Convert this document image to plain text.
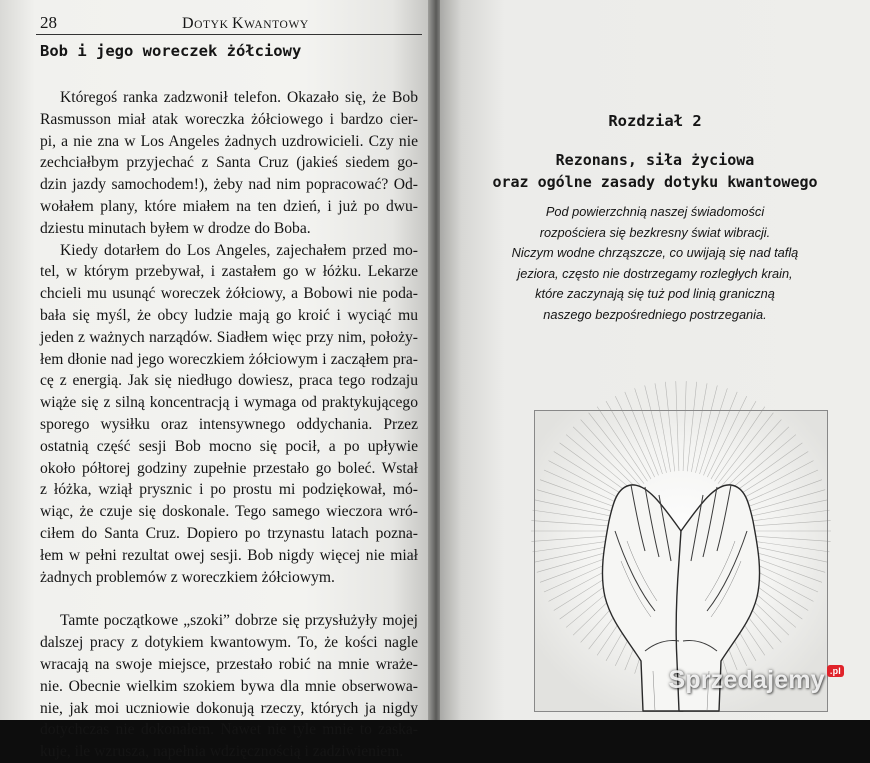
28	DOTYK KWANTOWY
Bob i jego woreczek żółciowy
Któregoś ranka zadzwonił telefon. Okazało się, że Bob
Rasmusson miał atak woreczka żółciowego i bardzo cier-
pi, a nie zna w Los Angeles żadnych uzdrowicieli. Czy nie
zechciałbym przyjechać z Santa Cruz (jakieś siedem go-
dzin jazdy samochodem!), żeby nad nim popracować? Od-
wołałem plany, które miałem na ten dzień, i już po dwu-
dziestu minutach byłem w drodze do Boba.
Kiedy dotarłem do Los Angeles, zajechałem przed mo-
tel, w którym przebywał, i zastałem go w łóżku. Lekarze
chcieli mu usunąć woreczek żółciowy, a Bobowi nie poda-
bała się myśl, że obcy ludzie mają go kroić i wyciąć mu
jeden z ważnych narządów. Siadłem więc przy nim, położy-
łem dłonie nad jego woreczkiem żółciowym i zacząłem pra-
cę z energią. Jak się niedługo dowiesz, praca tego rodzaju
wiąże się z silną koncentracją i wymaga od praktykującego
sporego wysiłku oraz intensywnego oddychania. Przez
ostatnią część sesji Bob mocno się pocił, a po upływie
około półtorej godziny zupełnie przestało go boleć. Wstał
z łóżka, wziął prysznic i po prostu mi podziękował, mó-
wiąc, że czuje się doskonale. Tego samego wieczora wró-
ciłem do Santa Cruz. Dopiero po trzynastu latach pozna-
łem w pełni rezultat owej sesji. Bob nigdy więcej nie miał
żadnych problemów z woreczkiem żółciowym.
Tamte początkowe „szoki” dobrze się przysłużyły mojej
dalszej pracy z dotykiem kwantowym. To, że kości nagle
wracają na swoje miejsce, przestało robić na mnie wraże-
nie. Obecnie wielkim szokiem bywa dla mnie obserwowa-
nie, jak moi uczniowie dokonują rzeczy, których ja nigdy
dotychczas nie dokonałem. Nawet nie tyle mnie to zaska-
kuje, ile wzrusza, napełnia wdzięcznością i zadziwieniem.
Rozdział 2
Rezonans, siła życiowa
oraz ogólne zasady dotyku kwantowego
Pod powierzchnią naszej świadomości
rozpościera się bezkresny świat wibracji.
Niczym wodne chrząszcze, co uwijają się nad taflą
jeziora, często nie dostrzegamy rozległych krain,
które zaczynają się tuż pod linią graniczną
naszego bezpośredniego postrzegania.
Sprzedajemy .pl
